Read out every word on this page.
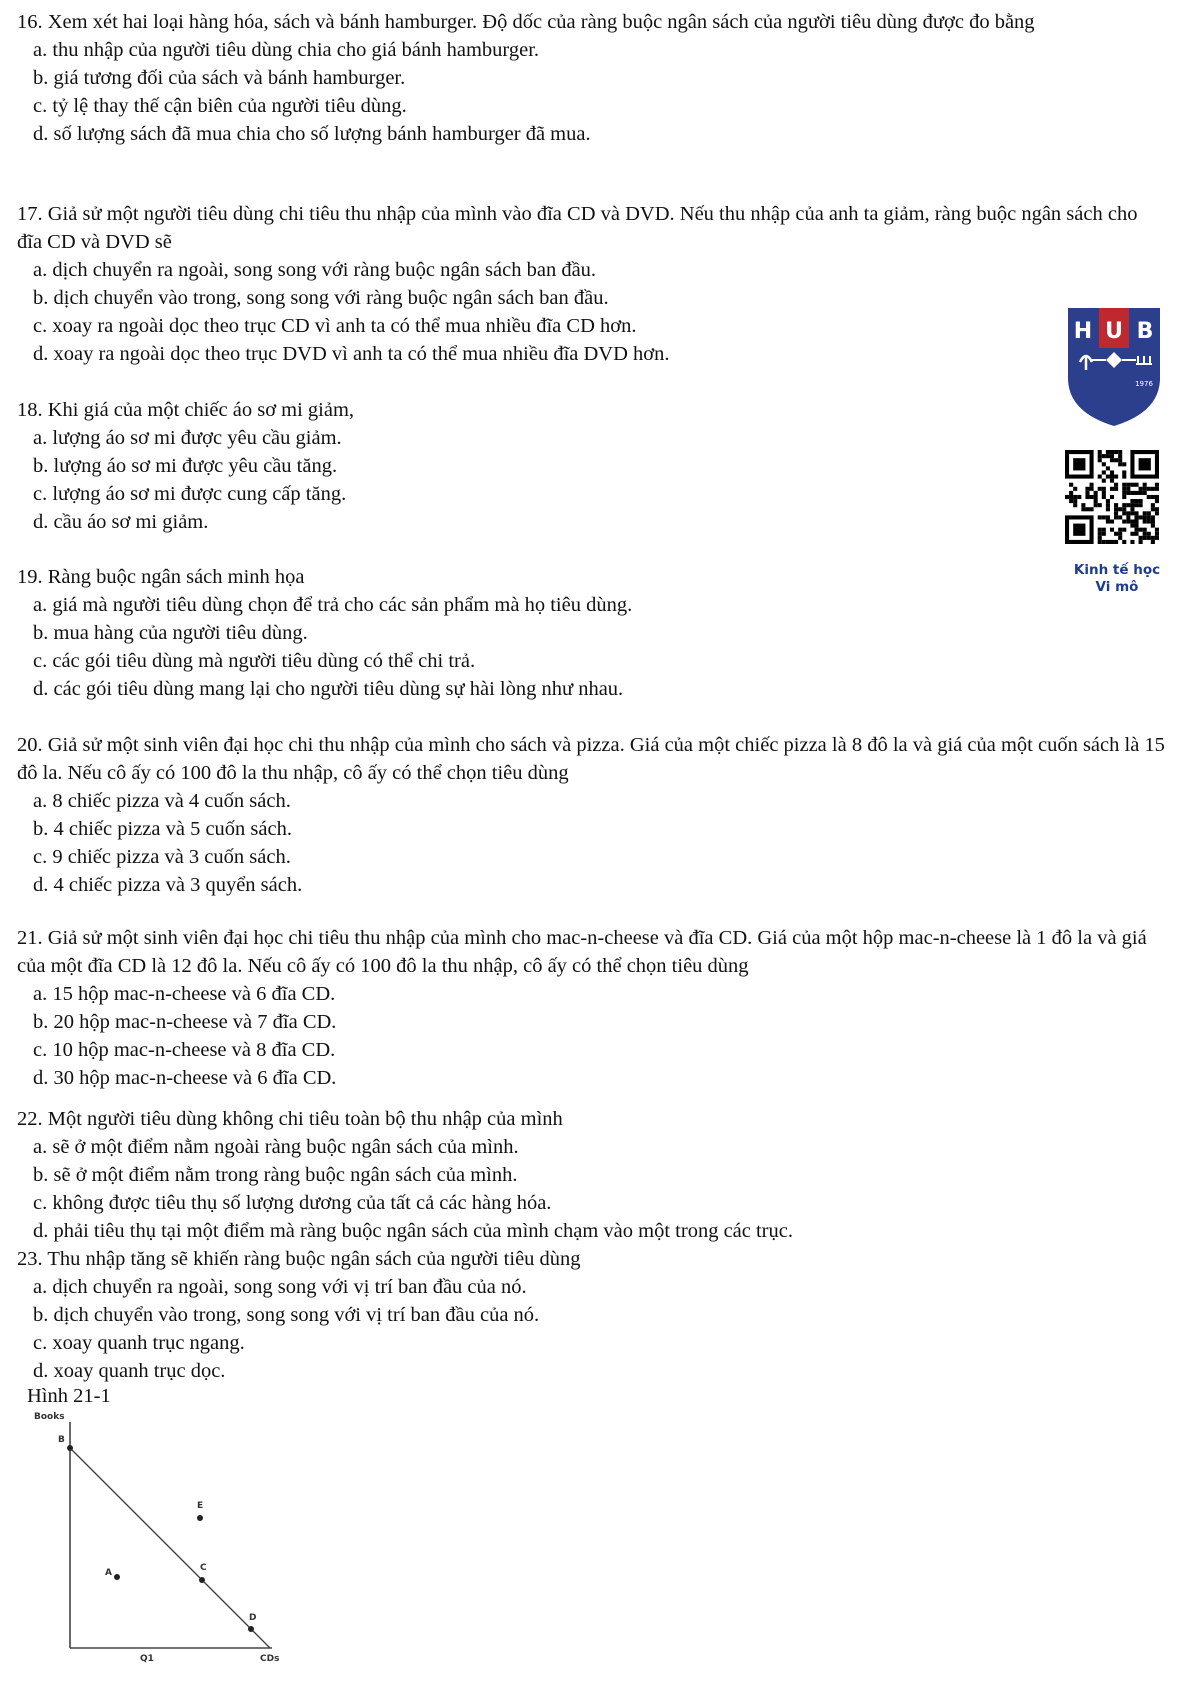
16. Xem xét hai loại hàng hóa, sách và bánh hamburger. Độ dốc của ràng buộc ngân sách của người tiêu dùng được đo bằng
a. thu nhập của người tiêu dùng chia cho giá bánh hamburger.
b. giá tương đối của sách và bánh hamburger.
c. tỷ lệ thay thế cận biên của người tiêu dùng.
d. số lượng sách đã mua chia cho số lượng bánh hamburger đã mua.
17. Giả sử một người tiêu dùng chi tiêu thu nhập của mình vào đĩa CD và DVD. Nếu thu nhập của anh ta giảm, ràng buộc ngân sách cho đĩa CD và DVD sẽ
a. dịch chuyển ra ngoài, song song với ràng buộc ngân sách ban đầu.
b. dịch chuyển vào trong, song song với ràng buộc ngân sách ban đầu.
c. xoay ra ngoài dọc theo trục CD vì anh ta có thể mua nhiều đĩa CD hơn.
d. xoay ra ngoài dọc theo trục DVD vì anh ta có thể mua nhiều đĩa DVD hơn.
18. Khi giá của một chiếc áo sơ mi giảm,
a. lượng áo sơ mi được yêu cầu giảm.
b. lượng áo sơ mi được yêu cầu tăng.
c. lượng áo sơ mi được cung cấp tăng.
d. cầu áo sơ mi giảm.
19. Ràng buộc ngân sách minh họa
a. giá mà người tiêu dùng chọn để trả cho các sản phẩm mà họ tiêu dùng.
b. mua hàng của người tiêu dùng.
c. các gói tiêu dùng mà người tiêu dùng có thể chi trả.
d. các gói tiêu dùng mang lại cho người tiêu dùng sự hài lòng như nhau.
20. Giả sử một sinh viên đại học chi thu nhập của mình cho sách và pizza. Giá của một chiếc pizza là 8 đô la và giá của một cuốn sách là 15 đô la. Nếu cô ấy có 100 đô la thu nhập, cô ấy có thể chọn tiêu dùng
a. 8 chiếc pizza và 4 cuốn sách.
b. 4 chiếc pizza và 5 cuốn sách.
c. 9 chiếc pizza và 3 cuốn sách.
d. 4 chiếc pizza và 3 quyển sách.
21. Giả sử một sinh viên đại học chi tiêu thu nhập của mình cho mac-n-cheese và đĩa CD. Giá của một hộp mac-n-cheese là 1 đô la và giá của một đĩa CD là 12 đô la. Nếu cô ấy có 100 đô la thu nhập, cô ấy có thể chọn tiêu dùng
a. 15 hộp mac-n-cheese và 6 đĩa CD.
b. 20 hộp mac-n-cheese và 7 đĩa CD.
c. 10 hộp mac-n-cheese và 8 đĩa CD.
d. 30 hộp mac-n-cheese và 6 đĩa CD.
22. Một người tiêu dùng không chi tiêu toàn bộ thu nhập của mình
a. sẽ ở một điểm nằm ngoài ràng buộc ngân sách của mình.
b. sẽ ở một điểm nằm trong ràng buộc ngân sách của mình.
c. không được tiêu thụ số lượng dương của tất cả các hàng hóa.
d. phải tiêu thụ tại một điểm mà ràng buộc ngân sách của mình chạm vào một trong các trục.
23. Thu nhập tăng sẽ khiến ràng buộc ngân sách của người tiêu dùng
a. dịch chuyển ra ngoài, song song với vị trí ban đầu của nó.
b. dịch chuyển vào trong, song song với vị trí ban đầu của nó.
c. xoay quanh trục ngang.
d. xoay quanh trục dọc.
H U B
1976
Kinh tế học
Vi mô
Hình 21-1
Books
B
E
A	C
D
Q1	CDs
